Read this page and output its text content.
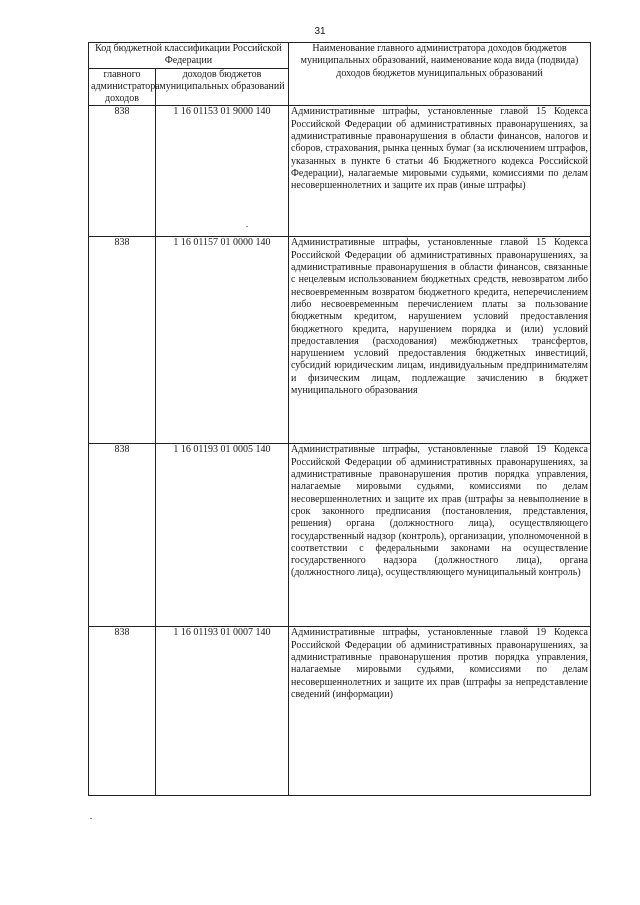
31
Код бюджетной классификации Российской Федерации		Наименование главного администратора доходов бюджетов муниципальных образований, наименование кода вида (подвида) доходов бюджетов муниципальных образований
главного администратора доходов	доходов бюджетов муниципальных образований	
838	1 16 01153 01 9000 140	Административные штрафы, установленные главой 15 Кодекса Российской Федерации об административных правонарушениях, за административные правонарушения в области финансов, налогов и сборов, страхования, рынка ценных бумаг (за исключением штрафов, указанных в пункте 6 статьи 46 Бюджетного кодекса Российской Федерации), налагаемые мировыми судьями, комиссиями по делам несовершеннолетних и защите их прав (иные штрафы)
838	1 16 01157 01 0000 140	Административные штрафы, установленные главой 15 Кодекса Российской Федерации об административных правонарушениях, за административные правонарушения в области финансов, связанные с нецелевым использованием бюджетных средств, невозвратом либо несвоевременным возвратом бюджетного кредита, неперечислением либо несвоевременным перечислением платы за пользование бюджетным кредитом, нарушением условий предоставления бюджетного кредита, нарушением порядка и (или) условий предоставления (расходования) межбюджетных трансфертов, нарушением условий предоставления бюджетных инвестиций, субсидий юридическим лицам, индивидуальным предпринимателям и физическим лицам, подлежащие зачислению в бюджет муниципального образования
838	1 16 01193 01 0005 140	Административные штрафы, установленные главой 19 Кодекса Российской Федерации об административных правонарушениях, за административные правонарушения против порядка управления, налагаемые мировыми судьями, комиссиями по делам несовершеннолетних и защите их прав (штрафы за невыполнение в срок законного предписания (постановления, представления, решения) органа (должностного лица), осуществляющего государственный надзор (контроль), организации, уполномоченной в соответствии с федеральными законами на осуществление государственного надзора (должностного лица), органа (должностного лица), осуществляющего муниципальный контроль)
838	1 16 01193 01 0007 140	Административные штрафы, установленные главой 19 Кодекса Российской Федерации об административных правонарушениях, за административные правонарушения против порядка управления, налагаемые мировыми судьями, комиссиями по делам несовершеннолетних и защите их прав (штрафы за непредставление сведений (информации)
